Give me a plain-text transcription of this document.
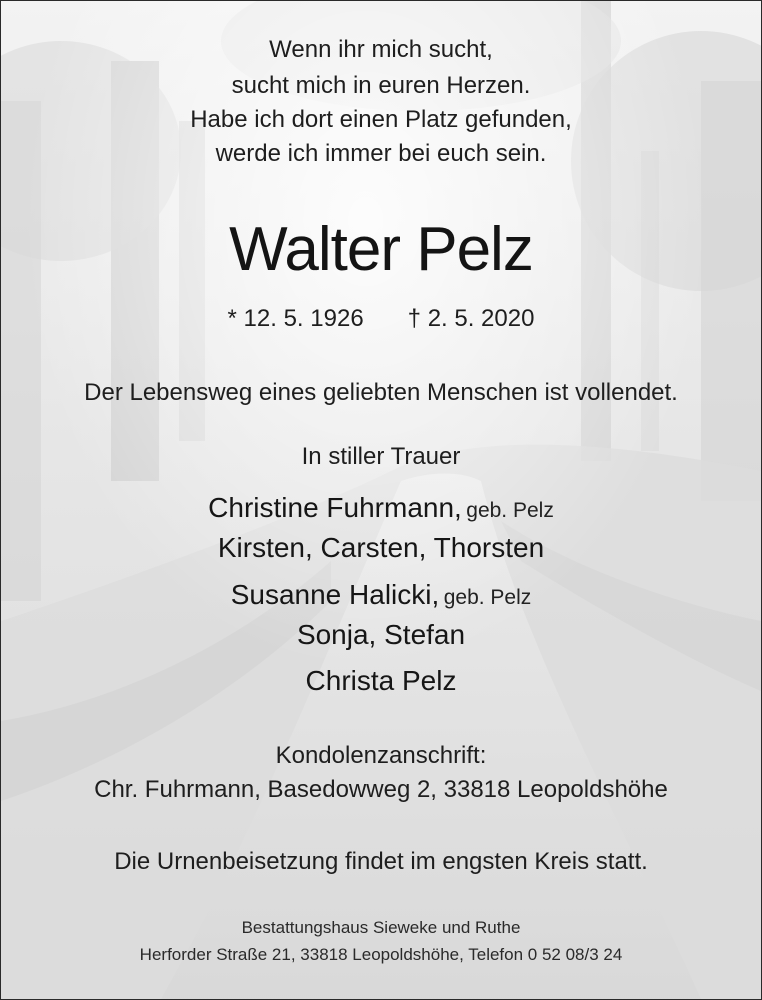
Wenn ihr mich sucht,
sucht mich in euren Herzen.
Habe ich dort einen Platz gefunden,
werde ich immer bei euch sein.
Walter Pelz
* 12. 5. 1926 † 2. 5. 2020
Der Lebensweg eines geliebten Menschen ist vollendet.
In stiller Trauer
Christine Fuhrmann, geb. Pelz
Kirsten, Carsten, Thorsten
Susanne Halicki, geb. Pelz
Sonja, Stefan
Christa Pelz
Kondolenzanschrift:
Chr. Fuhrmann, Basedowweg 2, 33818 Leopoldshöhe
Die Urnenbeisetzung findet im engsten Kreis statt.
Bestattungshaus Sieweke und Ruthe
Herforder Straße 21, 33818 Leopoldshöhe, Telefon 0 52 08/3 24
